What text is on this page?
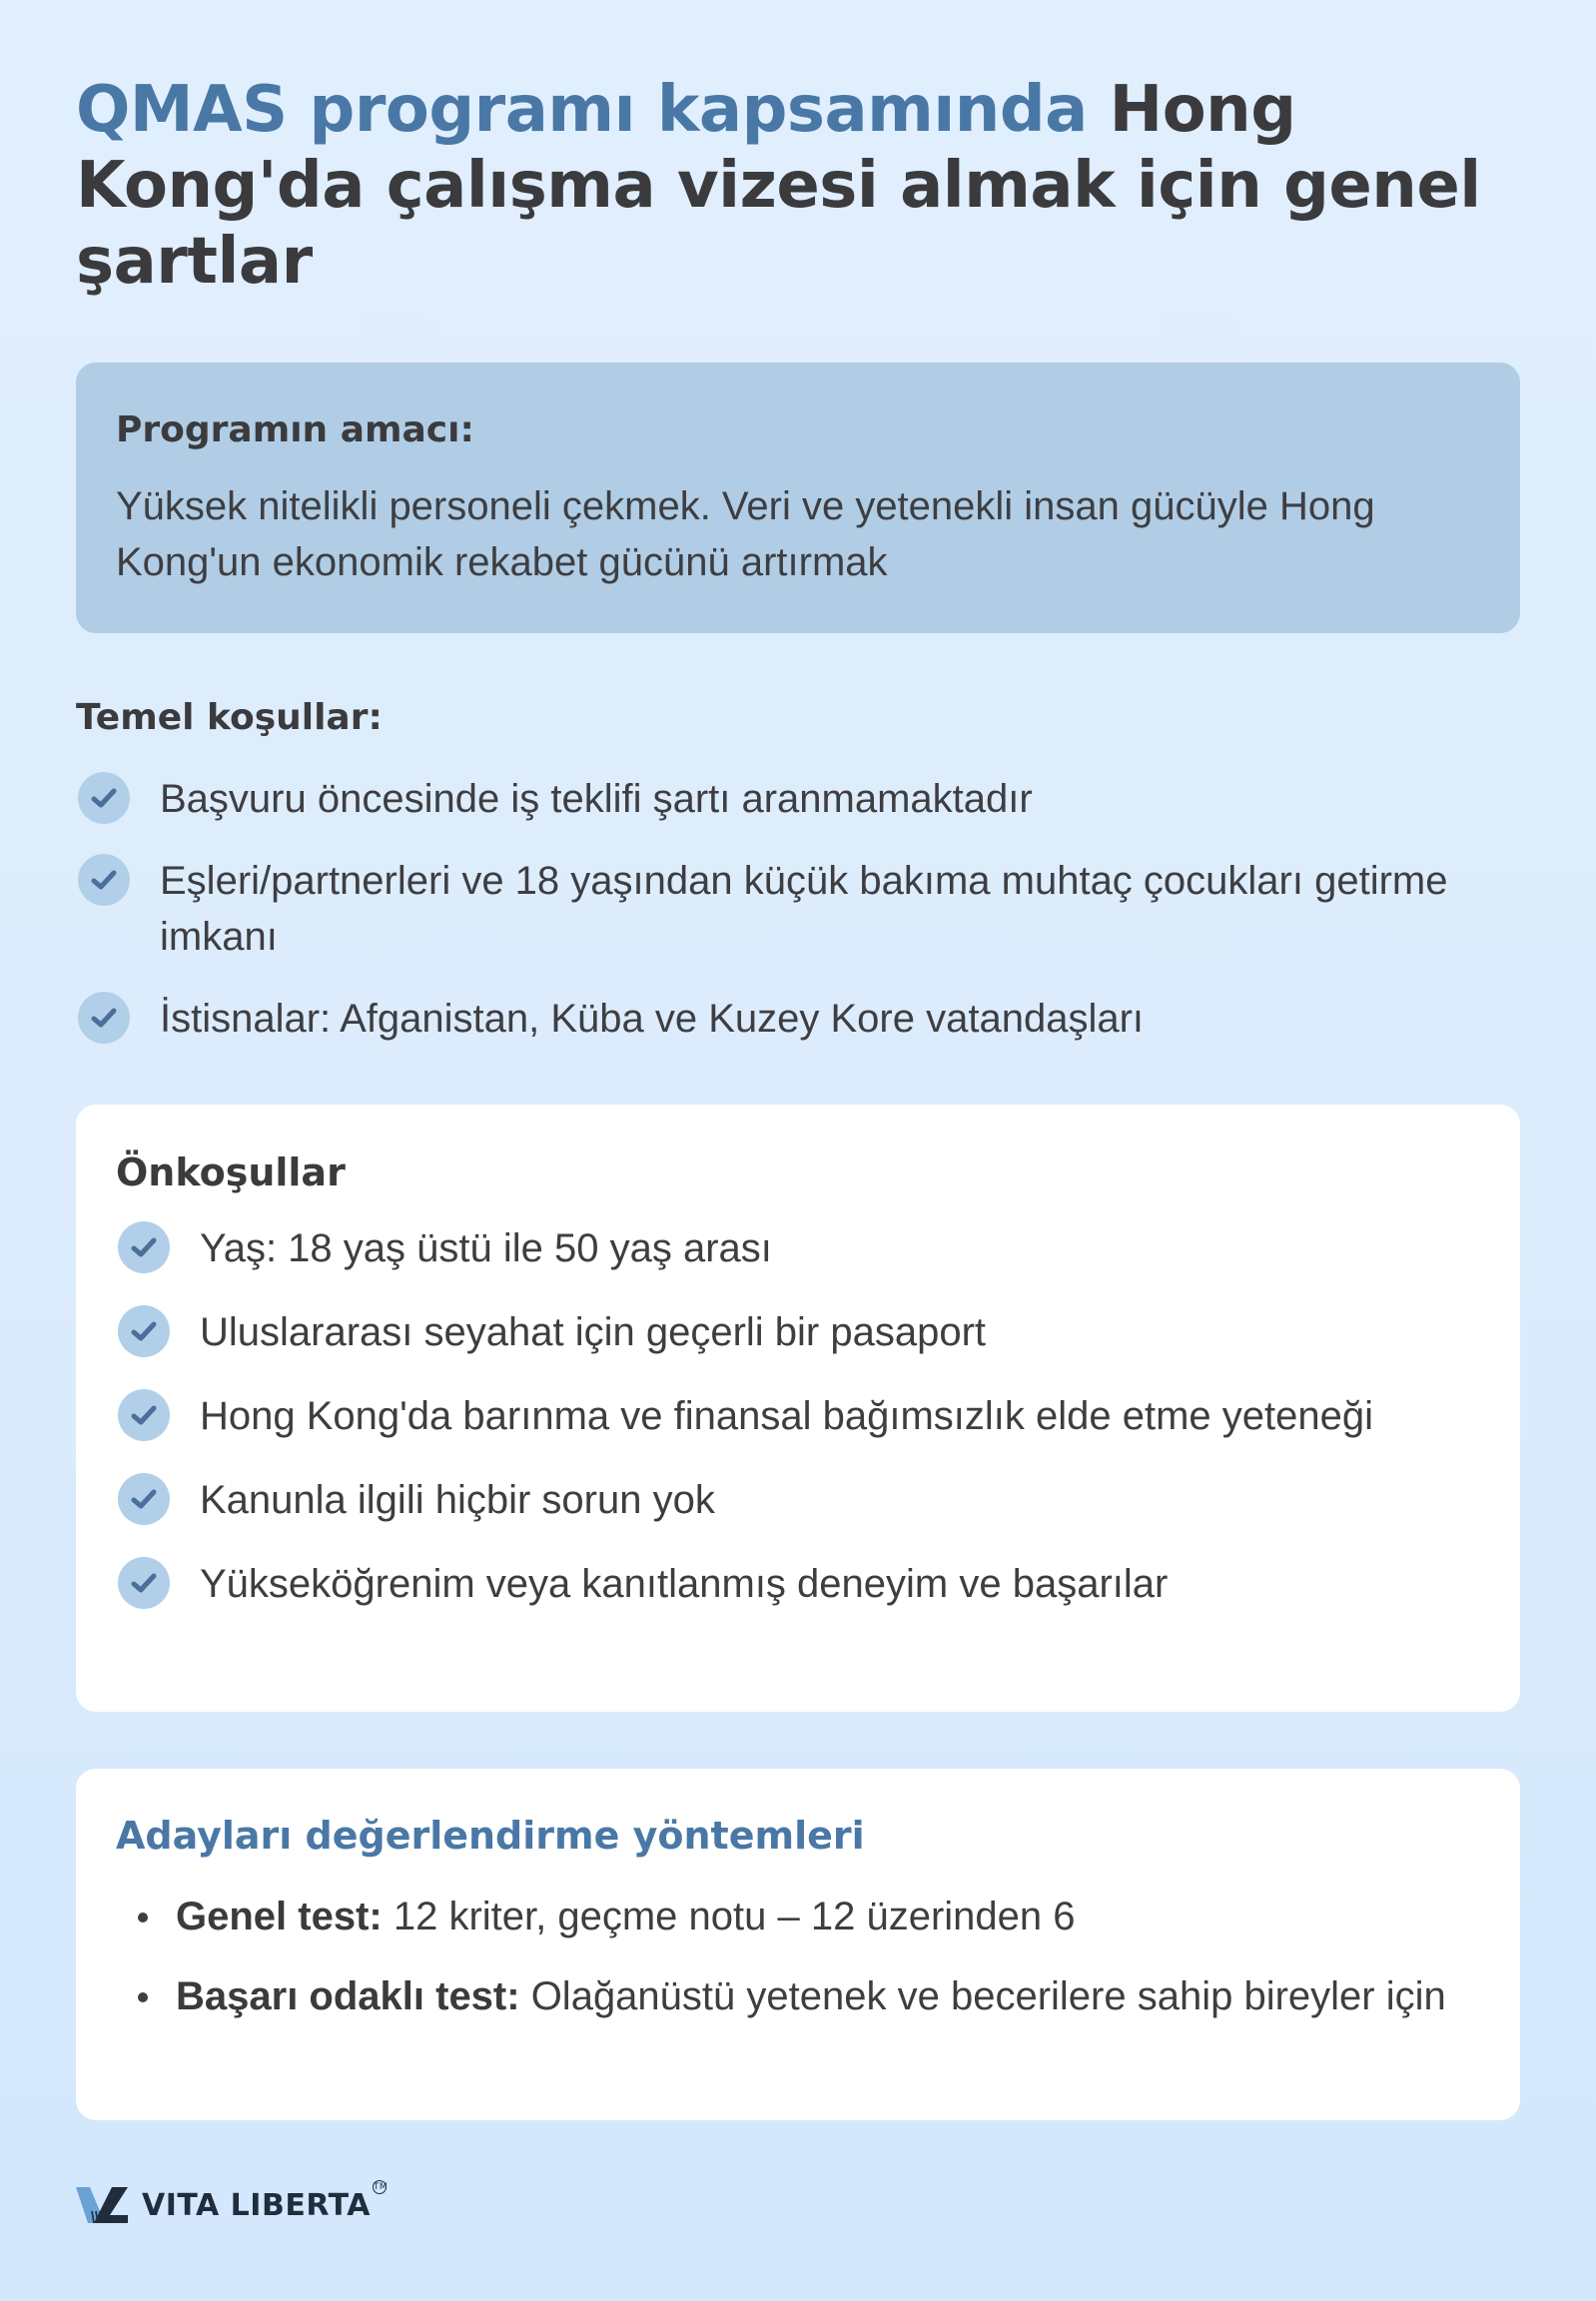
QMAS programı kapsamında Hong Kong'da çalışma vizesi almak için genel şartlar
Programın amacı:

Yüksek nitelikli personeli çekmek. Veri ve yetenekli insan gücüyle Hong Kong'un ekonomik rekabet gücünü artırmak

Temel koşullar:
Başvuru öncesinde iş teklifi şartı aranmamaktadır
Eşleri/partnerleri ve 18 yaşından küçük bakıma muhtaç çocukları getirme imkanı
İstisnalar: Afganistan, Küba ve Kuzey Kore vatandaşları
Önkoşullar
Yaş: 18 yaş üstü ile 50 yaş arası
Uluslararası seyahat için geçerli bir pasaport
Hong Kong'da barınma ve finansal bağımsızlık elde etme yeteneği
Kanunla ilgili hiçbir sorun yok
Yükseköğrenim veya kanıtlanmış deneyim ve başarılar
Adayları değerlendirme yöntemleri
Genel test: 12 kriter, geçme notu – 12 üzerinden 6
Başarı odaklı test: Olağanüstü yetenek ve becerilere sahip bireyler için
VITA LIBERTA
TM
